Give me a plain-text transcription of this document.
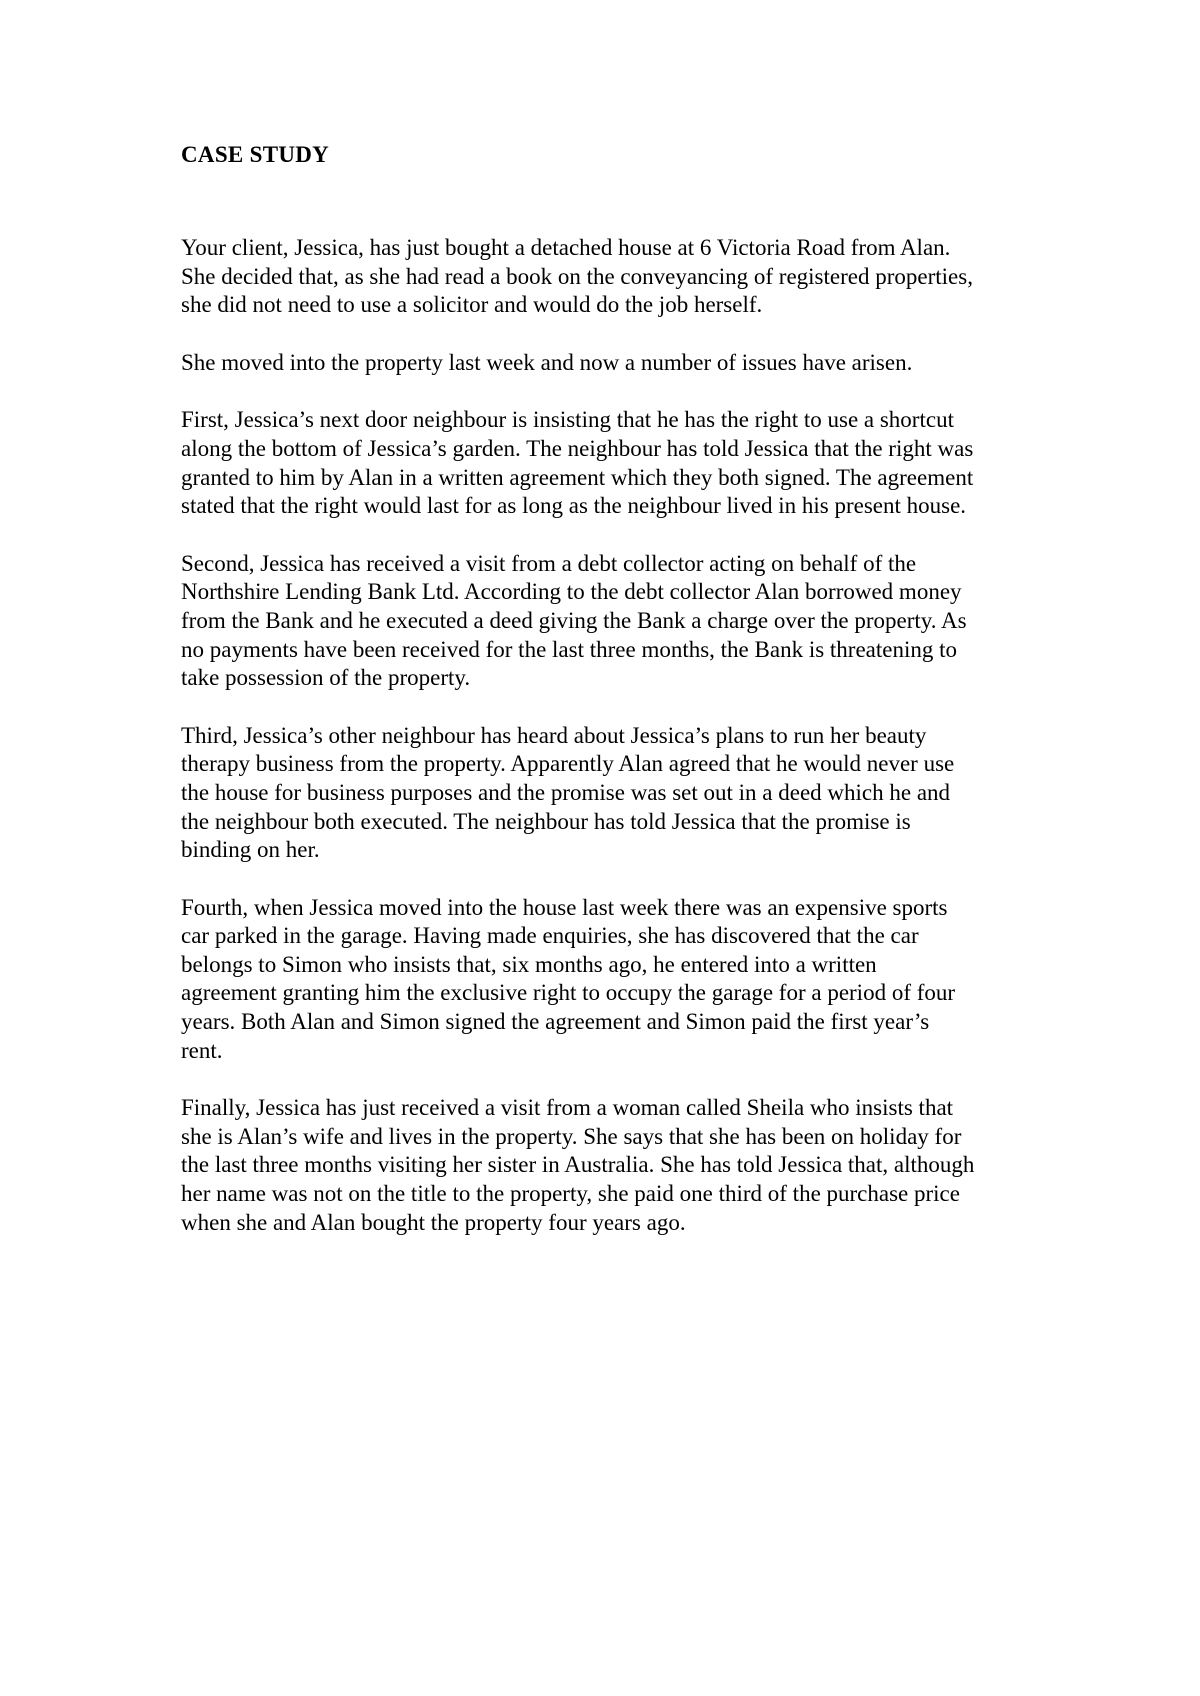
CASE STUDY

Your client, Jessica, has just bought a detached house at 6 Victoria Road from Alan.
She decided that, as she had read a book on the conveyancing of registered properties,
she did not need to use a solicitor and would do the job herself.

She moved into the property last week and now a number of issues have arisen.

First, Jessica’s next door neighbour is insisting that he has the right to use a shortcut
along the bottom of Jessica’s garden. The neighbour has told Jessica that the right was
granted to him by Alan in a written agreement which they both signed. The agreement
stated that the right would last for as long as the neighbour lived in his present house.

Second, Jessica has received a visit from a debt collector acting on behalf of the
Northshire Lending Bank Ltd. According to the debt collector Alan borrowed money
from the Bank and he executed a deed giving the Bank a charge over the property. As
no payments have been received for the last three months, the Bank is threatening to
take possession of the property.

Third, Jessica’s other neighbour has heard about Jessica’s plans to run her beauty
therapy business from the property. Apparently Alan agreed that he would never use
the house for business purposes and the promise was set out in a deed which he and
the neighbour both executed. The neighbour has told Jessica that the promise is
binding on her.

Fourth, when Jessica moved into the house last week there was an expensive sports
car parked in the garage. Having made enquiries, she has discovered that the car
belongs to Simon who insists that, six months ago, he entered into a written
agreement granting him the exclusive right to occupy the garage for a period of four
years. Both Alan and Simon signed the agreement and Simon paid the first year’s
rent.

Finally, Jessica has just received a visit from a woman called Sheila who insists that
she is Alan’s wife and lives in the property. She says that she has been on holiday for
the last three months visiting her sister in Australia. She has told Jessica that, although
her name was not on the title to the property, she paid one third of the purchase price
when she and Alan bought the property four years ago.
